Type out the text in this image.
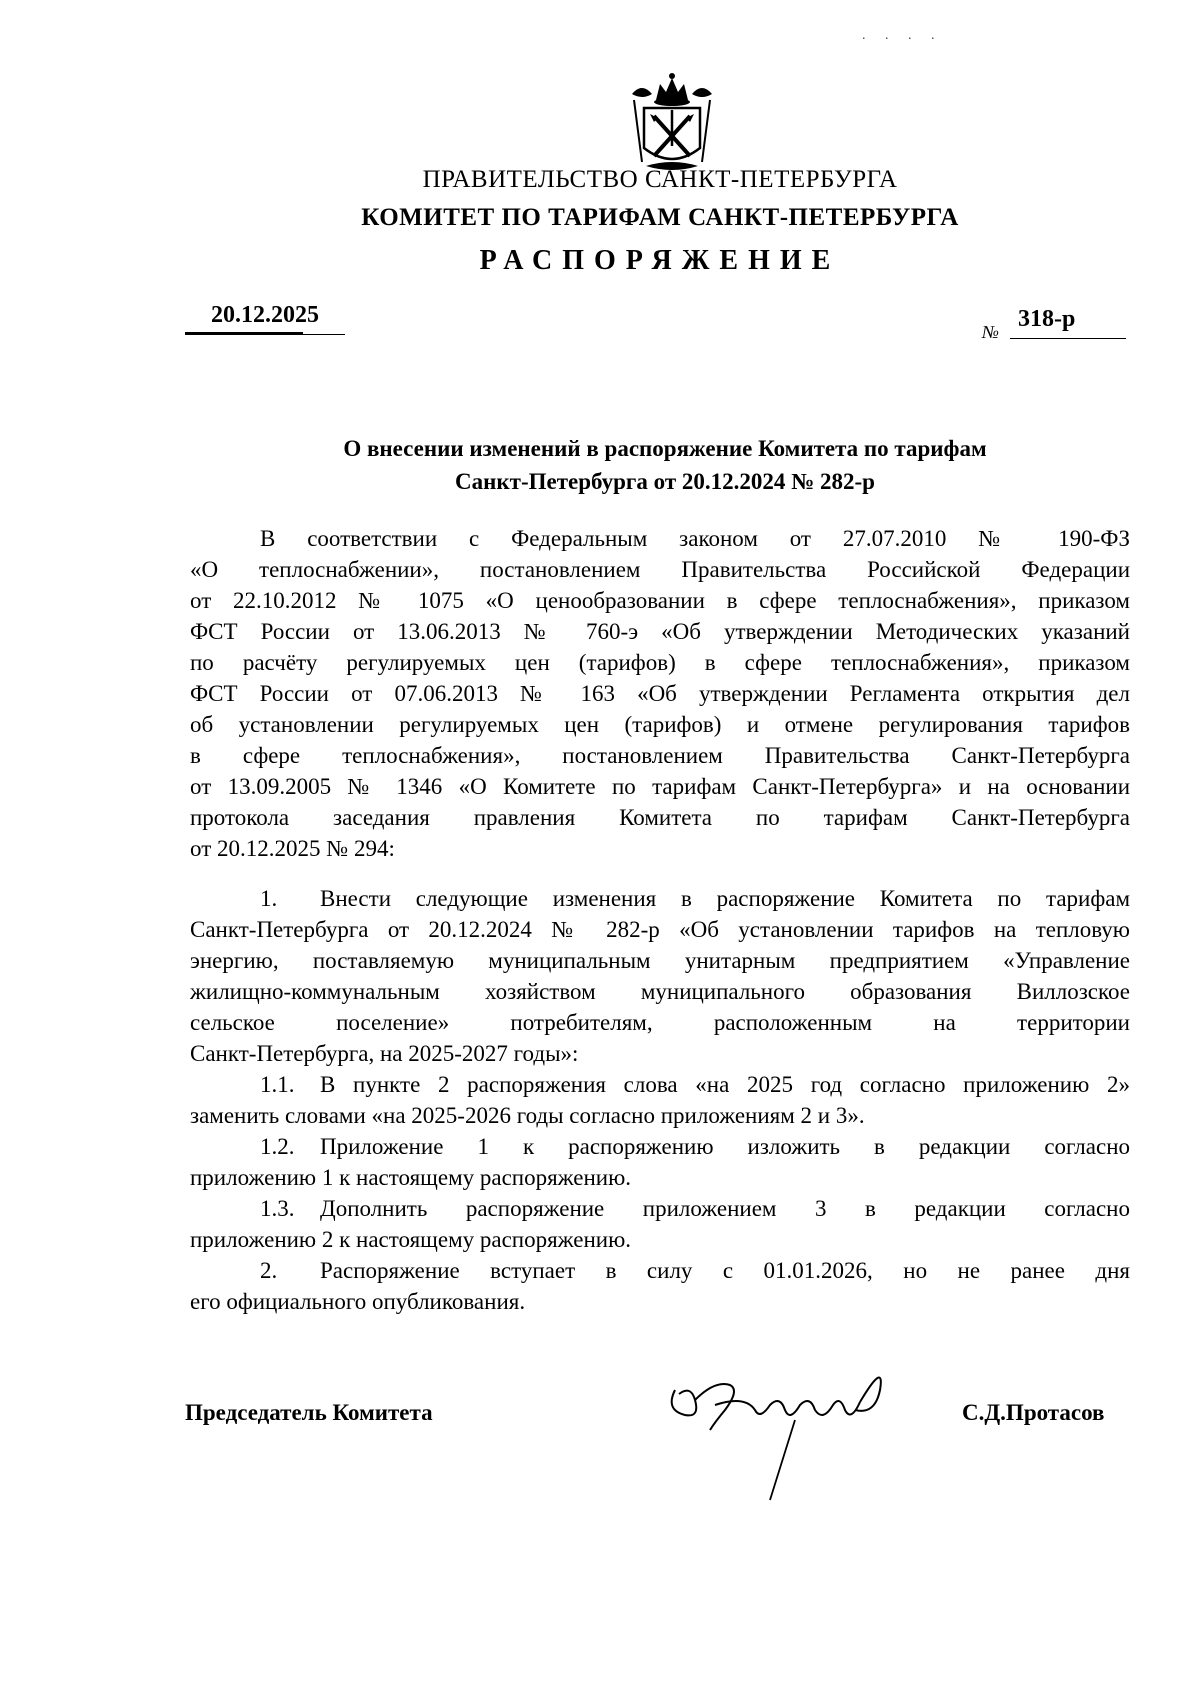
. . . .
ПРАВИТЕЛЬСТВО САНКТ-ПЕТЕРБУРГА
КОМИТЕТ ПО ТАРИФАМ САНКТ-ПЕТЕРБУРГА
РАСПОРЯЖЕНИЕ
20.12.2025
№ 318-р
О внесении изменений в распоряжение Комитета по тарифам
Санкт-Петербурга от 20.12.2024 № 282-р
В соответствии с Федеральным законом от 27.07.2010 № 190-ФЗ
«О теплоснабжении», постановлением Правительства Российской Федерации
от 22.10.2012 № 1075 «О ценообразовании в сфере теплоснабжения», приказом
ФСТ России от 13.06.2013 № 760-э «Об утверждении Методических указаний
по расчёту регулируемых цен (тарифов) в сфере теплоснабжения», приказом
ФСТ России от 07.06.2013 № 163 «Об утверждении Регламента открытия дел
об установлении регулируемых цен (тарифов) и отмене регулирования тарифов
в сфере теплоснабжения», постановлением Правительства Санкт-Петербурга
от 13.09.2005 № 1346 «О Комитете по тарифам Санкт-Петербурга» и на основании
протокола заседания правления Комитета по тарифам Санкт-Петербурга
от 20.12.2025 № 294:
1. Внести следующие изменения в распоряжение Комитета по тарифам
Санкт-Петербурга от 20.12.2024 № 282-р «Об установлении тарифов на тепловую
энергию, поставляемую муниципальным унитарным предприятием «Управление
жилищно-коммунальным хозяйством муниципального образования Виллозское
сельское поселение» потребителям, расположенным на территории
Санкт-Петербурга, на 2025-2027 годы»:
1.1. В пункте 2 распоряжения слова «на 2025 год согласно приложению 2»
заменить словами «на 2025-2026 годы согласно приложениям 2 и 3».
1.2. Приложение 1 к распоряжению изложить в редакции согласно
приложению 1 к настоящему распоряжению.
1.3. Дополнить распоряжение приложением 3 в редакции согласно
приложению 2 к настоящему распоряжению.
2. Распоряжение вступает в силу с 01.01.2026, но не ранее дня
его официального опубликования.
Председатель Комитета	С.Д.Протасов
